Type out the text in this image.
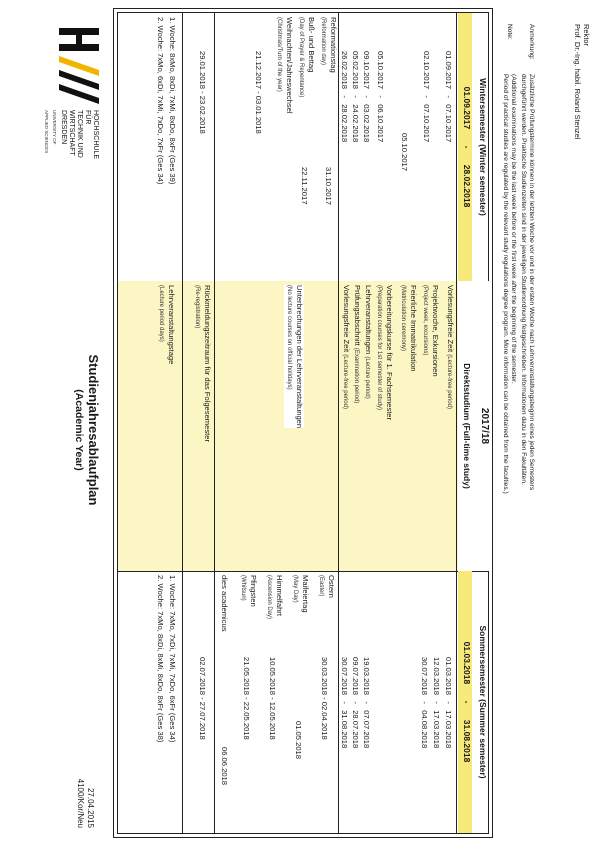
HOCHSCHULE FÜR
TECHNIK UND WIRTSCHAFT
DRESDEN
UNIVERSITY OF APPLIED SCIENCES
Studienjahresablaufplan
(Academic Year)
27.04.2015
4100/Kor/Neu
Wintersemester (Winter semester)
01.09.2017 - 28.02.2018
01.09.2017   -   07.10.2017
02.10.2017   -   07.10.2017
05.10.2017
05.10.2017   -   06.10.2017
09.10.2017   -   03.02.2018
05.02.2018   -   24.02.2018
26.02.2018   -   28.02.2018
Reformationstag
(Reformation day)
31.10.2017
Buß- und Bettag
(Day of Prayer & Repentance)
22.11.2017
Weihnachten/Jahreswechsel
(Christmas/Turn of the year)
21.12.2017 - 03.01.2018
29.01.2018 - 23.02.2018
1. Woche: 8xMo, 8xDi, 7xMi, 8xDo, 8xFr (Ges 39)
2. Woche: 7xMo, 6xDi, 7xMi, 7xDo, 7xFr (Ges 34)
2017/18
Direktstudium (Full-time study)
Vorlesungsfreie Zeit (Lecture-free period)
Projektwoche, Exkursionen
(Project week, excursions)
Feierliche Immatrikulation
(Matriculation ceremony)
Vorbereitungskurse für 1. Fachsemester
(Preparation courses for 1st semester of study)
Lehrveranstaltungen (Lecture period)
Prüfungsabschnitt (Examination period)
Vorlesungsfreie Zeit (Lecture-free period)
Unterbrechungen der Lehrveranstaltungen
(No lecture courses on official holidays)
Rückmeldungszeitraum für das Folgesemester
(Re-registration)
Lehrveranstaltungstage
(Lecture period days)
Sommersemester (Summer semester)
01.03.2018 - 31.08.2018
01.03.2018   -   17.03.2018
12.03.2018   -   17.03.2018
30.07.2018   -   04.08.2018
19.03.2018   -   07.07.2018
09.07.2018   -   28.07.2018
30.07.2018   -   31.08.2018
Ostern
(Easter)
30.03.2018 - 02.04.2018
Maifeiertag
(May Day)
01.05.2018
Himmelfahrt
(Ascension Day)
10.05.2018 - 12.05.2018
Pfingsten
(Whitsun)
21.05.2018 - 22.05.2018
dies academicus
06.06.2018
02.07.2018 - 27.07.2018
1. Woche: 7xMo, 7xDi, 7xMi, 7xDo, 6xFr (Ges 34)
2. Woche: 7xMo, 8xDi, 8xMi, 8xDo, 8xFr (Ges 38)
Anmerkung:
Zusätzliche Prüfungstermine können in der letzten Woche vor und in der ersten Woche nach Lehrveranstaltungsbeginn eines jeden Semesters
durchgeführt werden. Praktische Studienzeiten sind in der jeweiligen Studienordnung festgeschrieben. Informationen dazu in den Fakultäten.
Note:
(Additional examinations may be the last week before or the first week after the beginning of the semester.
Period of practical studies are regulated by the relevant study regulations degree program. More information can be obtained from the faculties.)
Rektor
Prof. Dr.-Ing. habil. Roland Stenzel
